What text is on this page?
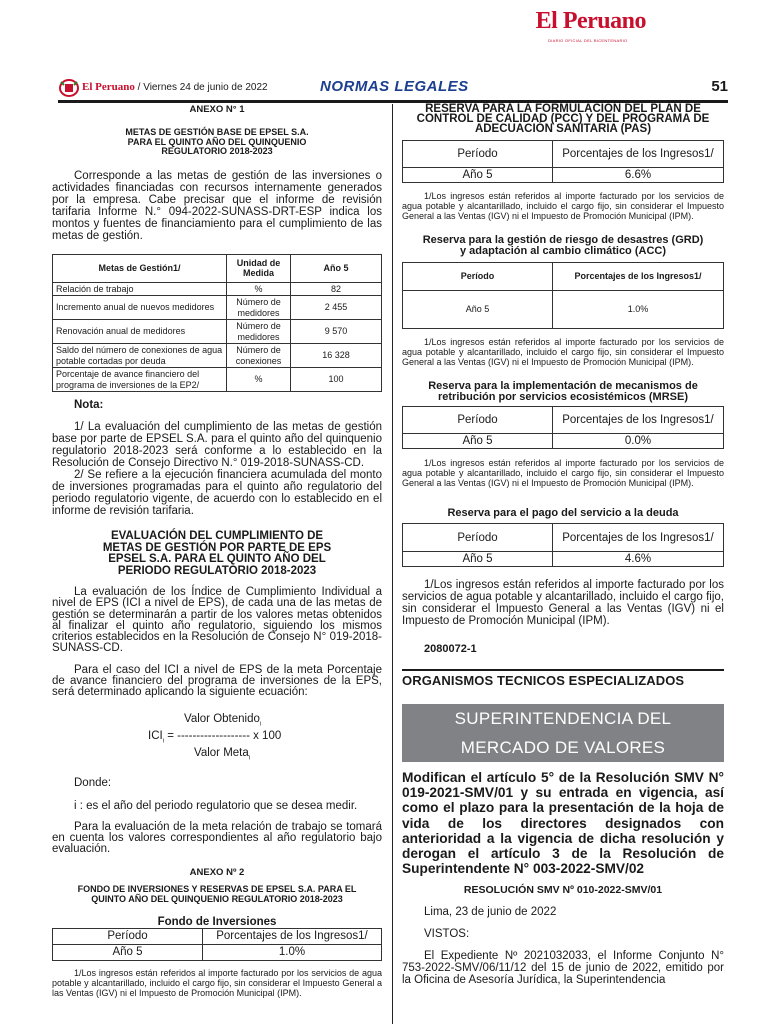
El Peruano
DIARIO OFICIAL DEL BICENTENARIO
El Peruano / Viernes 24 de junio de 2022	NORMAS LEGALES	51
ANEXO N° 1
METAS DE GESTIÓN BASE DE EPSEL S.A.
PARA EL QUINTO AÑO DEL QUINQUENIO
REGULATORIO 2018-2023

Corresponde a las metas de gestión de las inversiones o actividades financiadas con recursos internamente generados por la empresa. Cabe precisar que el informe de revisión tarifaria Informe N.° 094-2022-SUNASS-DRT-ESP indica los montos y fuentes de financiamiento para el cumplimiento de las metas de gestión.

Metas de Gestión1/	Unidad de Medida	Año 5
Relación de trabajo	%	82
Incremento anual de nuevos medidores	Número de medidores	2 455
Renovación anual de medidores	Número de medidores	9 570
Saldo del número de conexiones de agua potable cortadas por deuda	Número de conexiones	16 328
Porcentaje de avance financiero del programa de inversiones de la EP2/	%	100

Nota:

1/ La evaluación del cumplimiento de las metas de gestión base por parte de EPSEL S.A. para el quinto año del quinquenio regulatorio 2018-2023 será conforme a lo establecido en la Resolución de Consejo Directivo N.° 019-2018-SUNASS-CD.

2/ Se refiere a la ejecución financiera acumulada del monto de inversiones programadas para el quinto año regulatorio del periodo regulatorio vigente, de acuerdo con lo establecido en el informe de revisión tarifaria.

EVALUACIÓN DEL CUMPLIMIENTO DE
METAS DE GESTIÓN POR PARTE DE EPS
EPSEL S.A. PARA EL QUINTO AÑO DEL
PERIODO REGULATORIO 2018-2023

La evaluación de los Índice de Cumplimiento Individual a nivel de EPS (ICI a nivel de EPS), de cada una de las metas de gestión se determinarán a partir de los valores metas obtenidos al finalizar el quinto año regulatorio, siguiendo los mismos criterios establecidos en la Resolución de Consejo N° 019-2018-SUNASS-CD.

Para el caso del ICI a nivel de EPS de la meta Porcentaje de avance financiero del programa de inversiones de la EPS, será determinado aplicando la siguiente ecuación:

Valor Obtenido$_i$
$ICI_i$ = ------------------- x 100
Valor Meta$_i$

Donde:

i : es el año del periodo regulatorio que se desea medir.

Para la evaluación de la meta relación de trabajo se tomará en cuenta los valores correspondientes al año regulatorio bajo evaluación.

ANEXO Nº 2
FONDO DE INVERSIONES Y RESERVAS DE EPSEL S.A. PARA EL
QUINTO AÑO DEL QUINQUENIO REGULATORIO 2018-2023
Fondo de Inversiones
Período	Porcentajes de los Ingresos1/
Año 5	1.0%

1/Los ingresos están referidos al importe facturado por los servicios de agua potable y alcantarillado, incluido el cargo fijo, sin considerar el Impuesto General a las Ventas (IGV) ni el Impuesto de Promoción Municipal (IPM).

RESERVA PARA LA FORMULACIÓN DEL PLAN DE
CONTROL DE CALIDAD (PCC) Y DEL PROGRAMA DE
ADECUACIÓN SANITARIA (PAS)
Período	Porcentajes de los Ingresos1/
Año 5	6.6%

1/Los ingresos están referidos al importe facturado por los servicios de agua potable y alcantarillado, incluido el cargo fijo, sin considerar el Impuesto General a las Ventas (IGV) ni el Impuesto de Promoción Municipal (IPM).

Reserva para la gestión de riesgo de desastres (GRD)
y adaptación al cambio climático (ACC)
Período	Porcentajes de los Ingresos1/
Año 5	1.0%

1/Los ingresos están referidos al importe facturado por los servicios de agua potable y alcantarillado, incluido el cargo fijo, sin considerar el Impuesto General a las Ventas (IGV) ni el Impuesto de Promoción Municipal (IPM).

Reserva para la implementación de mecanismos de
retribución por servicios ecosistémicos (MRSE)
Período	Porcentajes de los Ingresos1/
Año 5	0.0%

1/Los ingresos están referidos al importe facturado por los servicios de agua potable y alcantarillado, incluido el cargo fijo, sin considerar el Impuesto General a las Ventas (IGV) ni el Impuesto de Promoción Municipal (IPM).

Reserva para el pago del servicio a la deuda
Período	Porcentajes de los Ingresos1/
Año 5	4.6%

1/Los ingresos están referidos al importe facturado por los servicios de agua potable y alcantarillado, incluido el cargo fijo, sin considerar el Impuesto General a las Ventas (IGV) ni el Impuesto de Promoción Municipal (IPM).

2080072-1
ORGANISMOS TECNICOS ESPECIALIZADOS
SUPERINTENDENCIA DEL
MERCADO DE VALORES

Modifican el artículo 5° de la Resolución SMV N° 019-2021-SMV/01 y su entrada en vigencia, así como el plazo para la presentación de la hoja de vida de los directores designados con anterioridad a la vigencia de dicha resolución y derogan el artículo 3 de la Resolución de Superintendente N° 003-2022-SMV/02

RESOLUCIÓN SMV Nº 010-2022-SMV/01

Lima, 23 de junio de 2022

VISTOS:

El Expediente Nº 2021032033, el Informe Conjunto N° 753-2022-SMV/06/11/12 del 15 de junio de 2022, emitido por la Oficina de Asesoría Jurídica, la Superintendencia
